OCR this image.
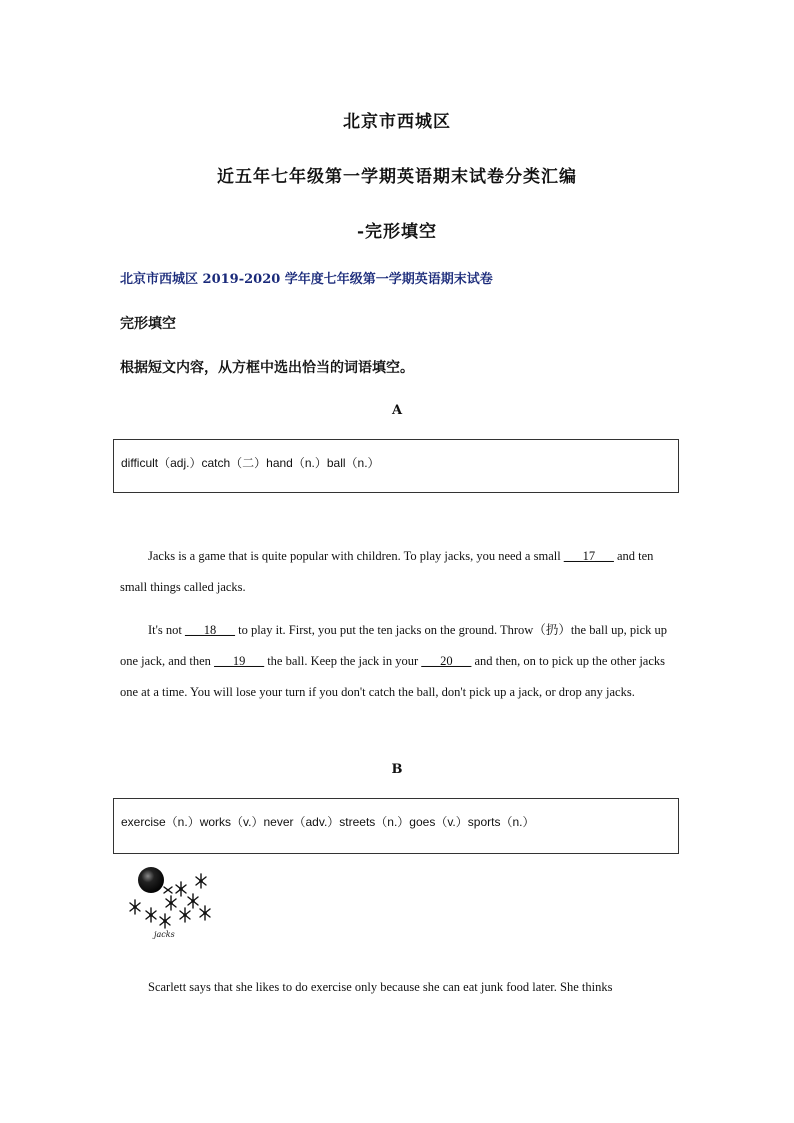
北京市西城区
近五年七年级第一学期英语期末试卷分类汇编
-完形填空
北京市西城区 2019-2020 学年度七年级第一学期英语期末试卷
完形填空
根据短文内容，从方框中选出恰当的词语填空。
A
difficult（adj.）catch（二）hand（n.）ball（n.）
Jacks is a game that is quite popular with children. To play jacks, you need a small ___17___ and ten small things called jacks.
It's not ___18___ to play it. First, you put the ten jacks on the ground. Throw（扔）the ball up, pick up one jack, and then ___19___ the ball. Keep the jack in your ___20___ and then, on to pick up the other jacks one at a time. You will lose your turn if you don't catch the ball, don't pick up a jack, or drop any jacks.
B
exercise（n.）works（v.）never（adv.）streets（n.）goes（v.）sports（n.）
jacks
Scarlett says that she likes to do exercise only because she can eat junk food later. She thinks
